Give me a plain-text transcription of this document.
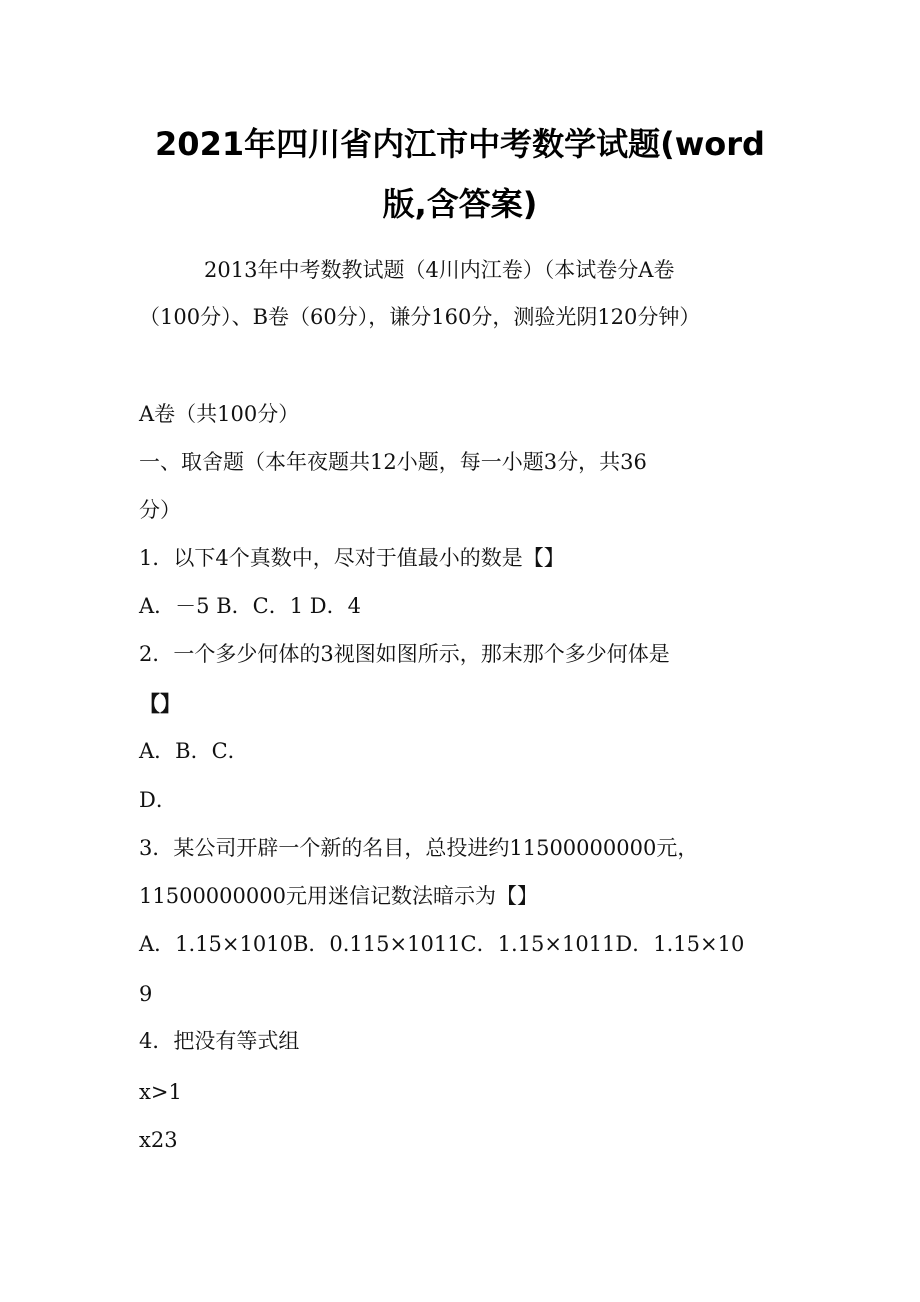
2021年四川省内江市中考数学试题(word
版,含答案)
2013年中考数教试题（4川内江卷）（本试卷分A卷
（100分）、B卷（60分），谦分160分，测验光阴120分钟）
A卷（共100分）
一、取舍题（本年夜题共12小题，每一小题3分，共36
分）
1．以下4个真数中，尽对于值最小的数是【】
A．－5 B．C．1 D．4
2．一个多少何体的3视图如图所示，那末那个多少何体是
【】
A．B．C．
D．
3．某公司开辟一个新的名目，总投进约11500000000元，
11500000000元用迷信记数法暗示为【】
A．1.15×1010B．0.115×1011C．1.15×1011D．1.15×10
9
4．把没有等式组
x>1
x23
